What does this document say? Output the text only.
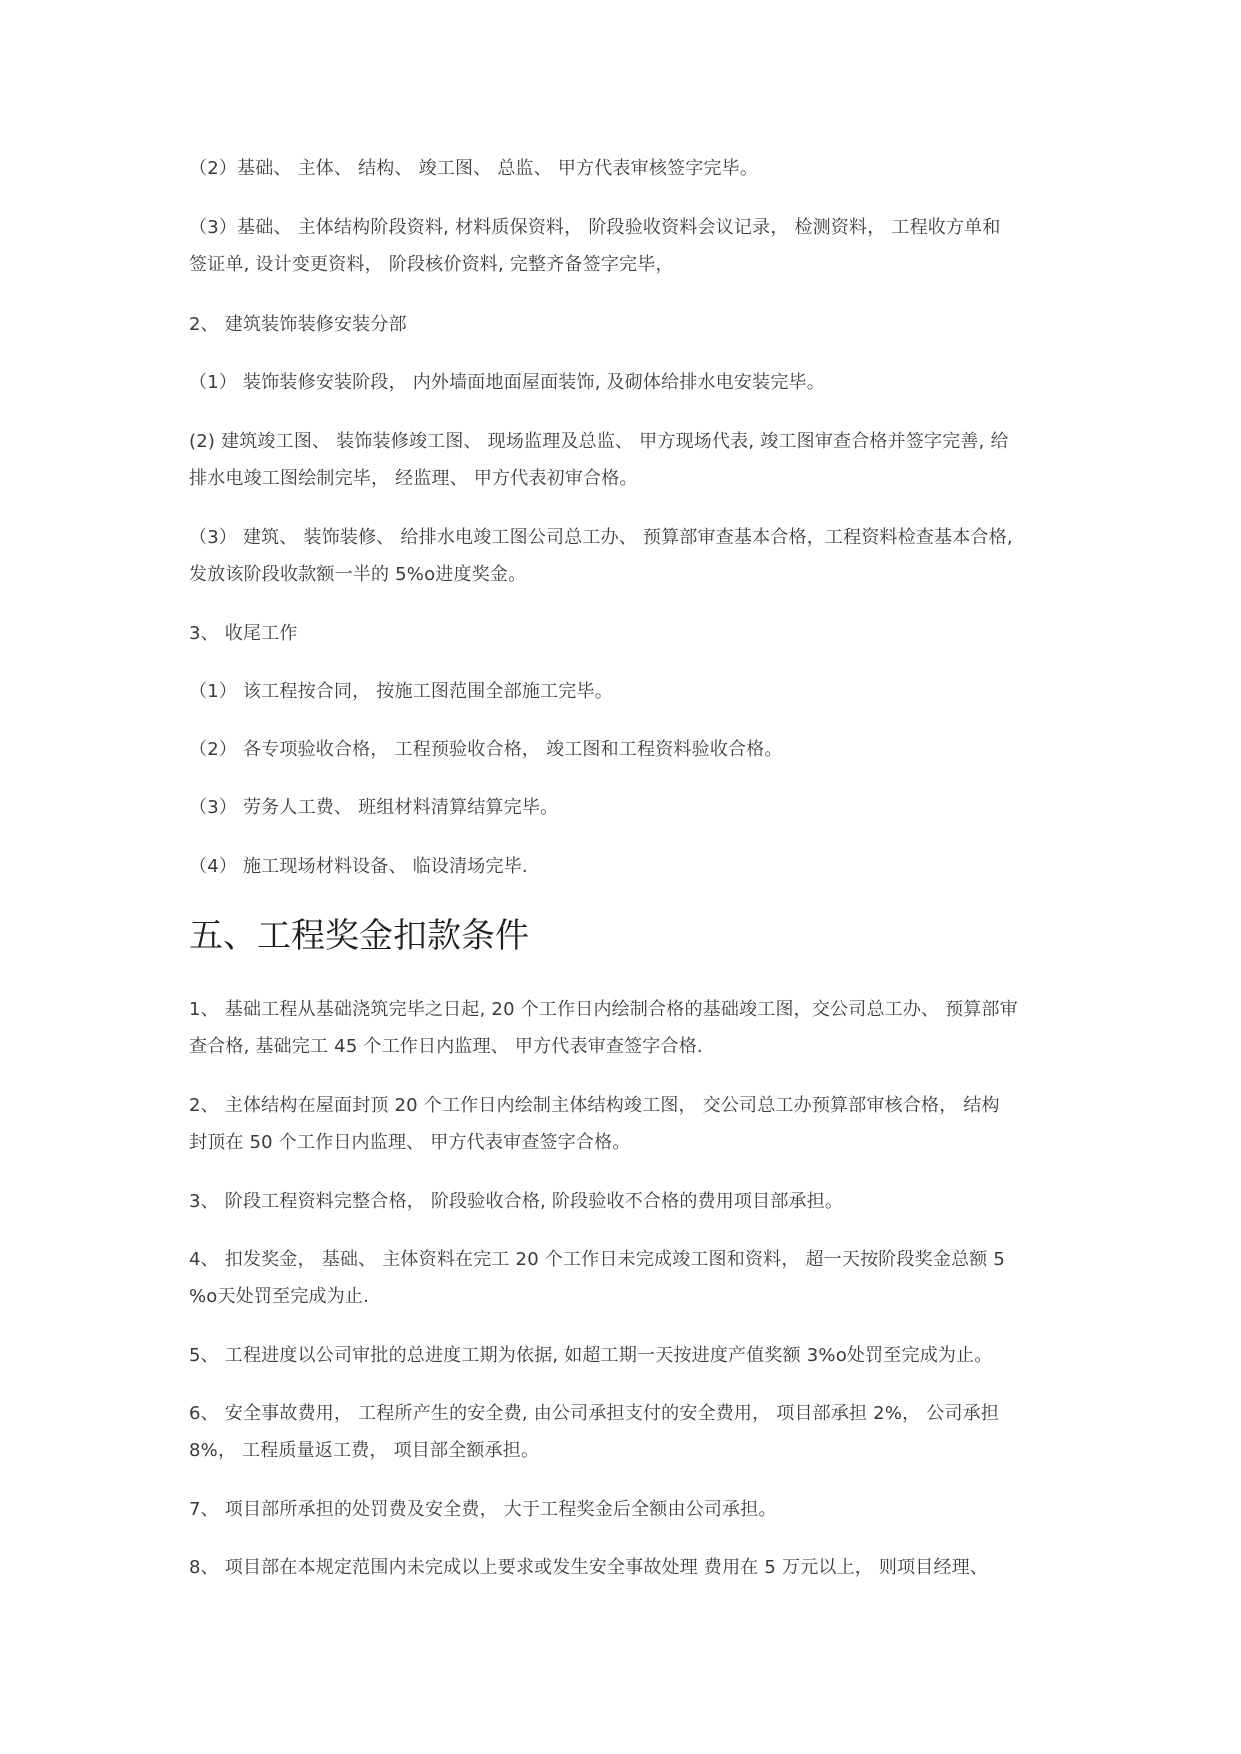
（2）基础、 主体、 结构、 竣工图、 总监、 甲方代表审核签字完毕。
（3）基础、 主体结构阶段资料, 材料质保资料， 阶段验收资料会议记录， 检测资料， 工程收方单和
签证单, 设计变更资料， 阶段核价资料, 完整齐备签字完毕，
2、 建筑装饰装修安装分部
（1） 装饰装修安装阶段， 内外墙面地面屋面装饰, 及砌体给排水电安装完毕。
(2) 建筑竣工图、 装饰装修竣工图、 现场监理及总监、 甲方现场代表, 竣工图审查合格并签字完善, 给
排水电竣工图绘制完毕， 经监理、 甲方代表初审合格。
（3） 建筑、 装饰装修、 给排水电竣工图公司总工办、 预算部审查基本合格，工程资料检查基本合格,
发放该阶段收款额一半的 5%o进度奖金。
3、 收尾工作
（1） 该工程按合同， 按施工图范围全部施工完毕。
（2） 各专项验收合格， 工程预验收合格， 竣工图和工程资料验收合格。
（3） 劳务人工费、 班组材料清算结算完毕。
（4） 施工现场材料设备、 临设清场完毕.
五、工程奖金扣款条件
1、 基础工程从基础浇筑完毕之日起, 20 个工作日内绘制合格的基础竣工图，交公司总工办、 预算部审
查合格, 基础完工 45 个工作日内监理、 甲方代表审查签字合格.
2、 主体结构在屋面封顶 20 个工作日内绘制主体结构竣工图， 交公司总工办预算部审核合格， 结构
封顶在 50 个工作日内监理、 甲方代表审查签字合格。
3、 阶段工程资料完整合格， 阶段验收合格, 阶段验收不合格的费用项目部承担。
4、 扣发奖金， 基础、 主体资料在完工 20 个工作日未完成竣工图和资料， 超一天按阶段奖金总额 5
%o天处罚至完成为止.
5、 工程进度以公司审批的总进度工期为依据, 如超工期一天按进度产值奖额 3%o处罚至完成为止。
6、 安全事故费用， 工程所产生的安全费, 由公司承担支付的安全费用， 项目部承担 2%， 公司承担
8%， 工程质量返工费， 项目部全额承担。
7、 项目部所承担的处罚费及安全费， 大于工程奖金后全额由公司承担。
8、 项目部在本规定范围内未完成以上要求或发生安全事故处理 费用在 5 万元以上， 则项目经理、
